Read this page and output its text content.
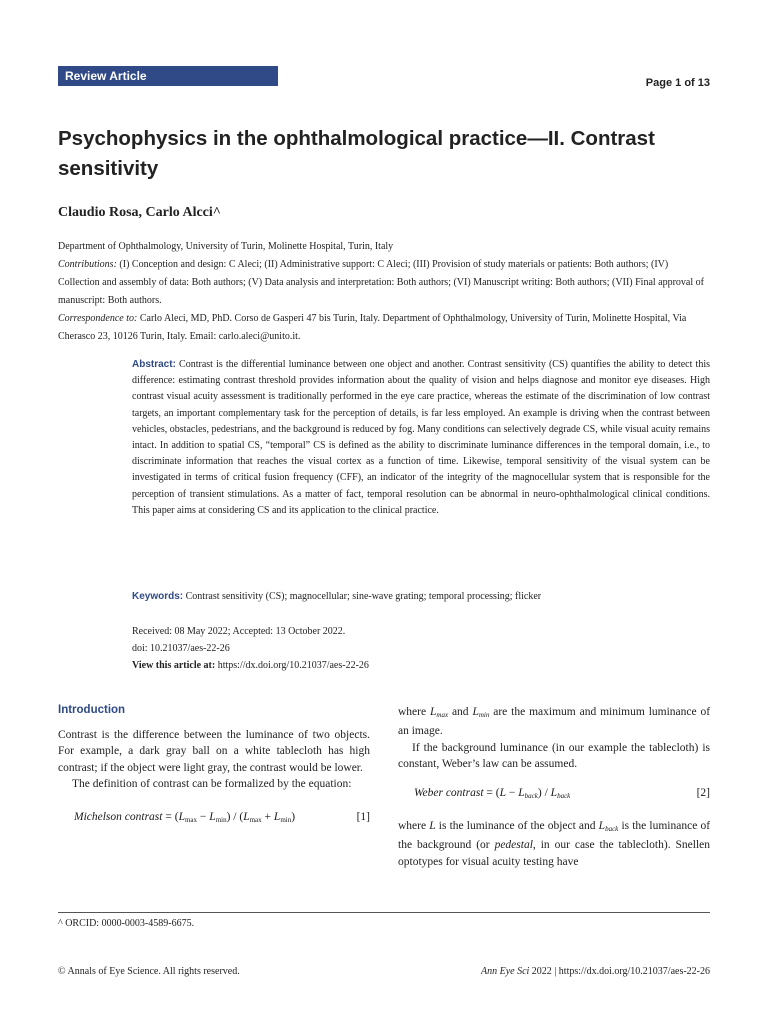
Review Article	Page 1 of 13
Psychophysics in the ophthalmological practice—II. Contrast sensitivity
Claudio Rosa, Carlo Alcci^
Department of Ophthalmology, University of Turin, Molinette Hospital, Turin, Italy
Contributions: (I) Conception and design: C Aleci; (II) Administrative support: C Aleci; (III) Provision of study materials or patients: Both authors; (IV) Collection and assembly of data: Both authors; (V) Data analysis and interpretation: Both authors; (VI) Manuscript writing: Both authors; (VII) Final approval of manuscript: Both authors.
Correspondence to: Carlo Aleci, MD, PhD. Corso de Gasperi 47 bis Turin, Italy. Department of Ophthalmology, University of Turin, Molinette Hospital, Via Cherasco 23, 10126 Turin, Italy. Email: carlo.aleci@unito.it.
Abstract: Contrast is the differential luminance between one object and another. Contrast sensitivity (CS) quantifies the ability to detect this difference: estimating contrast threshold provides information about the quality of vision and helps diagnose and monitor eye diseases. High contrast visual acuity assessment is traditionally performed in the eye care practice, whereas the estimate of the discrimination of low contrast targets, an important complementary task for the perception of details, is far less employed. An example is driving when the contrast between vehicles, obstacles, pedestrians, and the background is reduced by fog. Many conditions can selectively degrade CS, while visual acuity remains intact. In addition to spatial CS, “temporal” CS is defined as the ability to discriminate luminance differences in the temporal domain, i.e., to discriminate information that reaches the visual cortex as a function of time. Likewise, temporal sensitivity of the visual system can be investigated in terms of critical fusion frequency (CFF), an indicator of the integrity of the magnocellular system that is responsible for the perception of transient stimulations. As a matter of fact, temporal resolution can be abnormal in neuro-ophthalmological clinical conditions. This paper aims at considering CS and its application to the clinical practice.
Keywords: Contrast sensitivity (CS); magnocellular; sine-wave grating; temporal processing; flicker
Received: 08 May 2022; Accepted: 13 October 2022.
doi: 10.21037/aes-22-26
View this article at: https://dx.doi.org/10.21037/aes-22-26
Introduction

Contrast is the difference between the luminance of two objects. For example, a dark gray ball on a white tablecloth has high contrast; if the object were light gray, the contrast would be lower.

The definition of contrast can be formalized by the equation:

Michelson contrast = $(L_{max} - L_{min}) / (L_{max} + L_{min})$	[1]

where $L_{max}$ and $L_{min}$ are the maximum and minimum luminance of an image.

If the background luminance (in our example the tablecloth) is constant, Weber’s law can be assumed.

Weber contrast = $(L - L_{back}) / L_{back}$	[2]

where L is the luminance of the object and $L_{back}$ is the luminance of the background (or pedestal, in our case the tablecloth). Snellen optotypes for visual acuity testing have

^ ORCID: 0000-0003-4589-6675.
© Annals of Eye Science. All rights reserved.	Ann Eye Sci 2022 | https://dx.doi.org/10.21037/aes-22-26
